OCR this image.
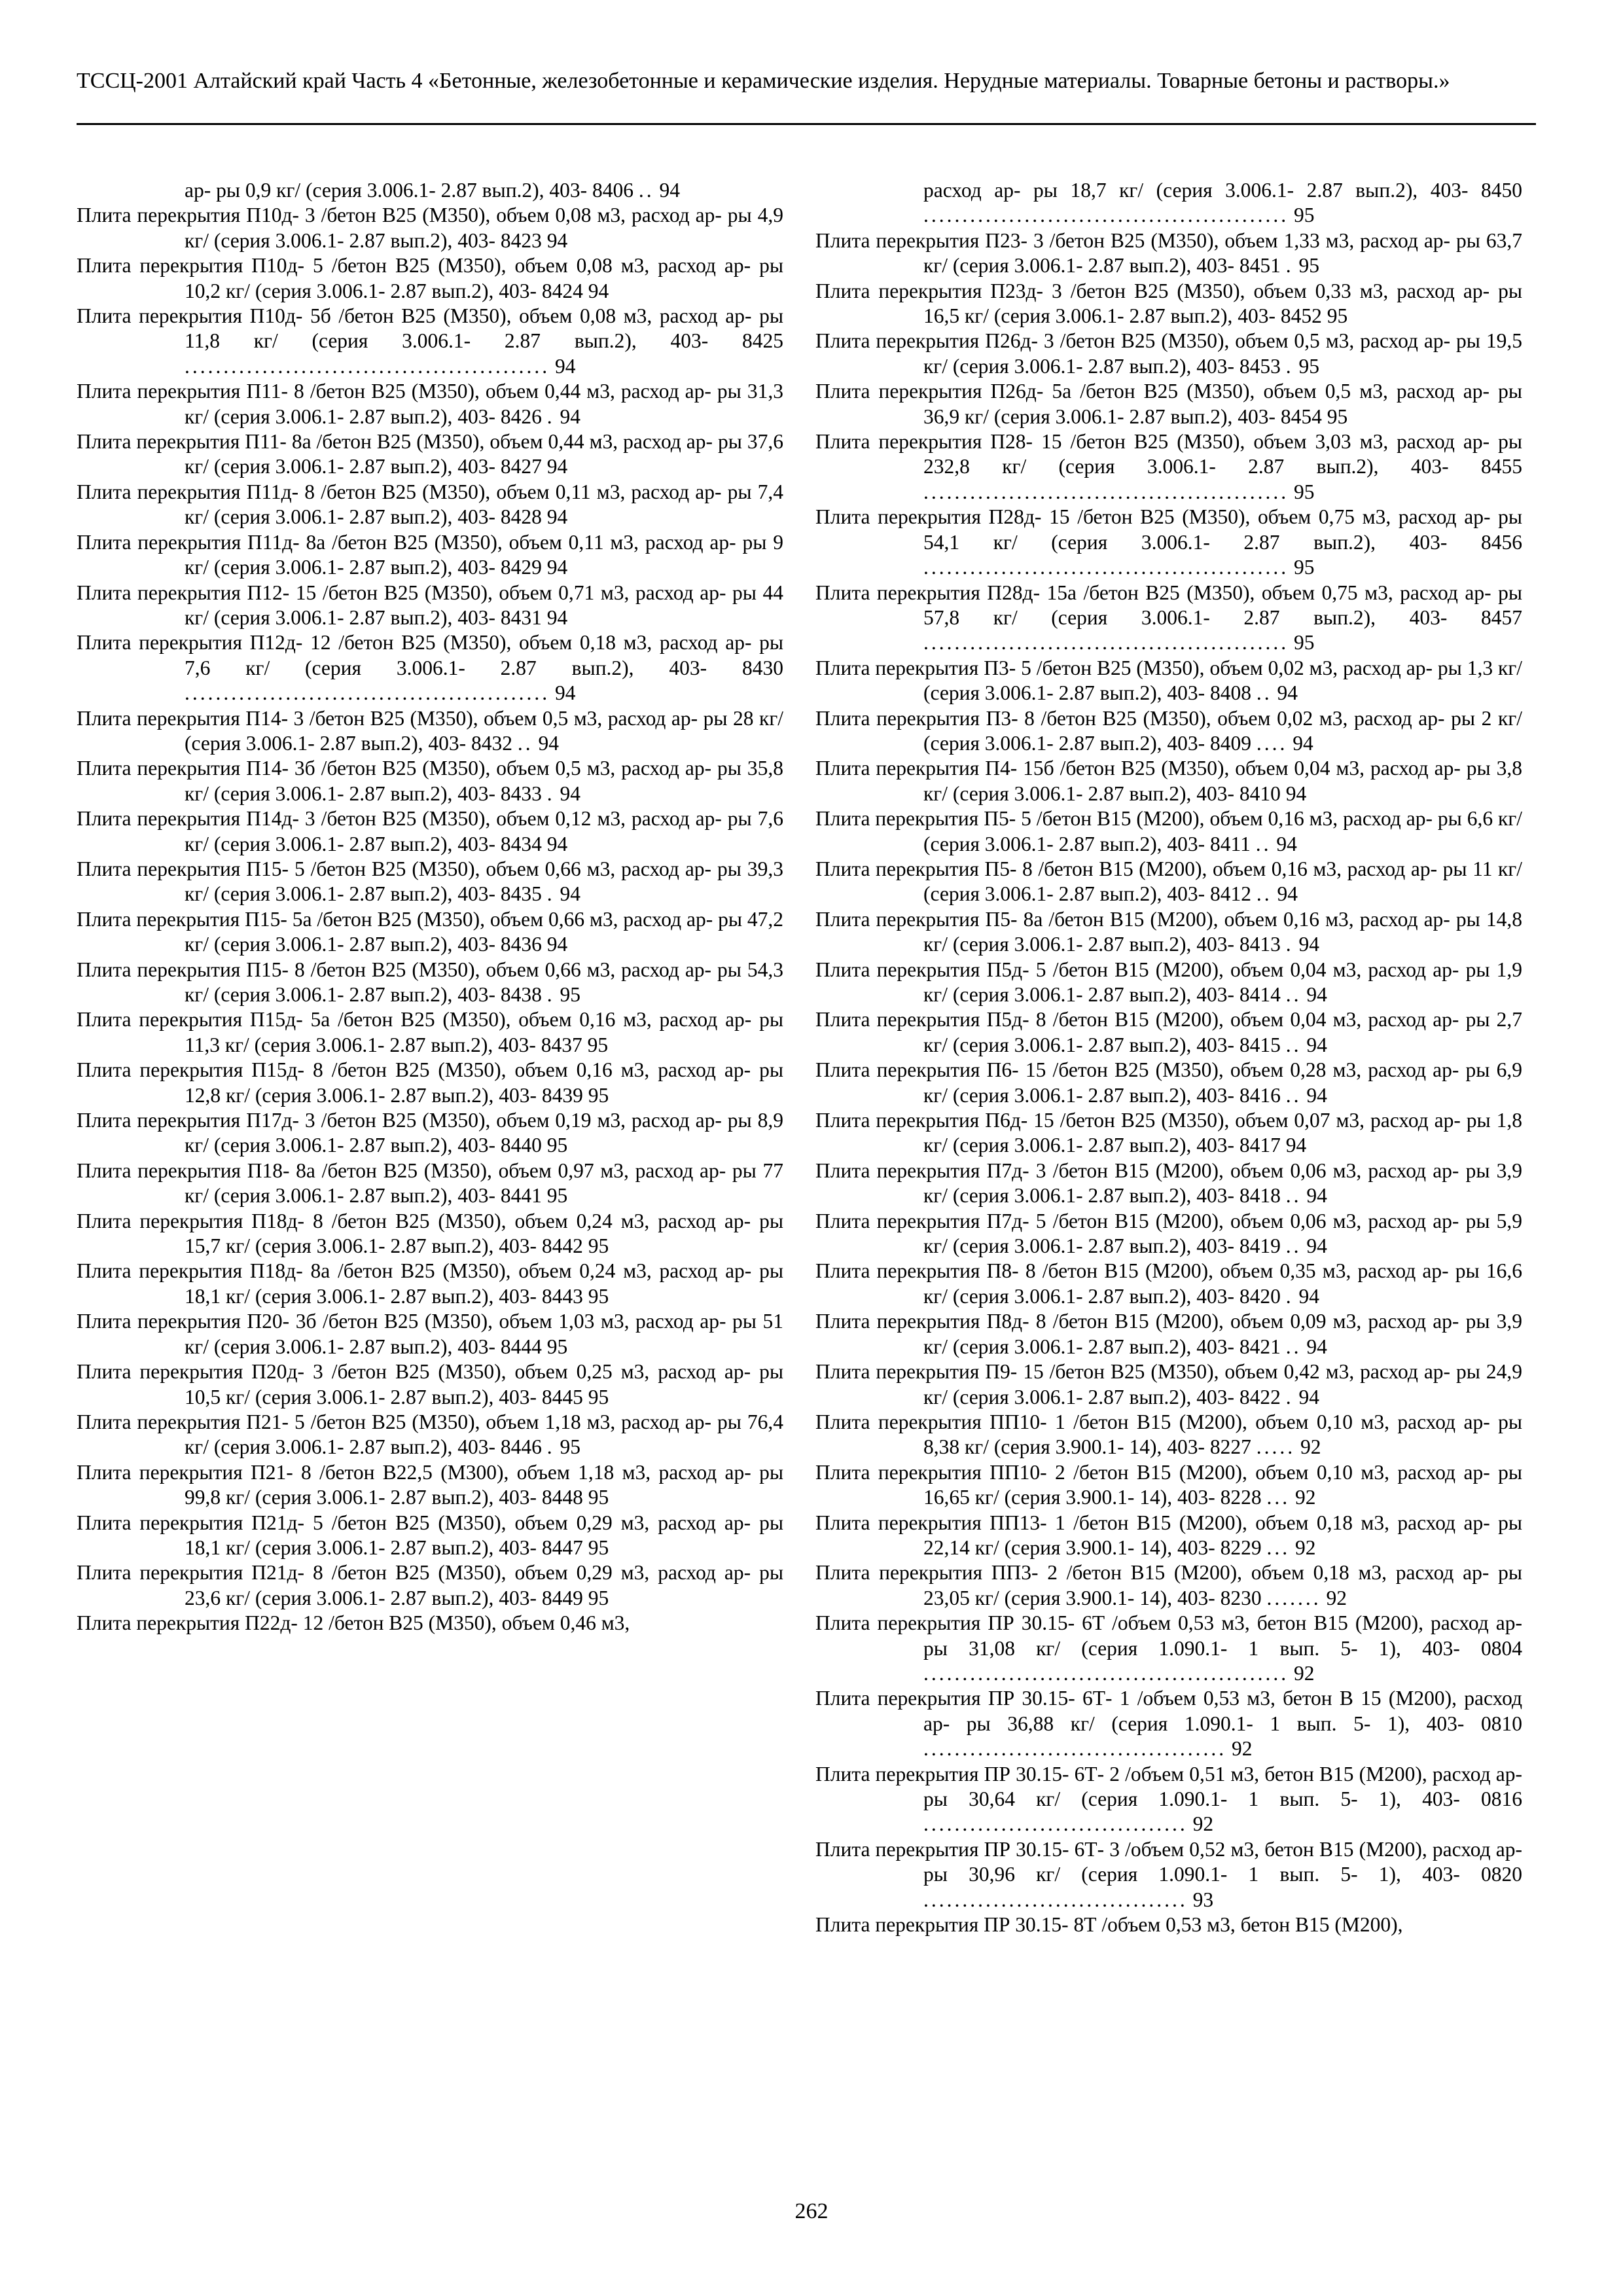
ТССЦ-2001 Алтайский край Часть 4 «Бетонные, железобетонные и керамические изделия. Нерудные материалы. Товарные бетоны и растворы.»
ар- ры 0,9 кг/ (серия 3.006.1- 2.87 вып.2), 403- 8406 .. 94
Плита перекрытия П10д- 3 /бетон В25 (М350), объем 0,08 м3, расход ар- ры 4,9 кг/ (серия 3.006.1- 2.87 вып.2), 403- 8423 94
Плита перекрытия П10д- 5 /бетон В25 (М350), объем 0,08 м3, расход ар- ры 10,2 кг/ (серия 3.006.1- 2.87 вып.2), 403- 8424 94
Плита перекрытия П10д- 5б /бетон В25 (М350), объем 0,08 м3, расход ар- ры 11,8 кг/ (серия 3.006.1- 2.87 вып.2), 403- 8425 ............................................... 94
Плита перекрытия П11- 8 /бетон В25 (М350), объем 0,44 м3, расход ар- ры 31,3 кг/ (серия 3.006.1- 2.87 вып.2), 403- 8426 . 94
Плита перекрытия П11- 8а /бетон В25 (М350), объем 0,44 м3, расход ар- ры 37,6 кг/ (серия 3.006.1- 2.87 вып.2), 403- 8427 94
Плита перекрытия П11д- 8 /бетон В25 (М350), объем 0,11 м3, расход ар- ры 7,4 кг/ (серия 3.006.1- 2.87 вып.2), 403- 8428 94
Плита перекрытия П11д- 8а /бетон В25 (М350), объем 0,11 м3, расход ар- ры 9 кг/ (серия 3.006.1- 2.87 вып.2), 403- 8429 94
Плита перекрытия П12- 15 /бетон В25 (М350), объем 0,71 м3, расход ар- ры 44 кг/ (серия 3.006.1- 2.87 вып.2), 403- 8431 94
Плита перекрытия П12д- 12 /бетон В25 (М350), объем 0,18 м3, расход ар- ры 7,6 кг/ (серия 3.006.1- 2.87 вып.2), 403- 8430 ............................................... 94
Плита перекрытия П14- 3 /бетон В25 (М350), объем 0,5 м3, расход ар- ры 28 кг/ (серия 3.006.1- 2.87 вып.2), 403- 8432 .. 94
Плита перекрытия П14- 3б /бетон В25 (М350), объем 0,5 м3, расход ар- ры 35,8 кг/ (серия 3.006.1- 2.87 вып.2), 403- 8433 . 94
Плита перекрытия П14д- 3 /бетон В25 (М350), объем 0,12 м3, расход ар- ры 7,6 кг/ (серия 3.006.1- 2.87 вып.2), 403- 8434 94
Плита перекрытия П15- 5 /бетон В25 (М350), объем 0,66 м3, расход ар- ры 39,3 кг/ (серия 3.006.1- 2.87 вып.2), 403- 8435 . 94
Плита перекрытия П15- 5а /бетон В25 (М350), объем 0,66 м3, расход ар- ры 47,2 кг/ (серия 3.006.1- 2.87 вып.2), 403- 8436 94
Плита перекрытия П15- 8 /бетон В25 (М350), объем 0,66 м3, расход ар- ры 54,3 кг/ (серия 3.006.1- 2.87 вып.2), 403- 8438 . 95
Плита перекрытия П15д- 5а /бетон В25 (М350), объем 0,16 м3, расход ар- ры 11,3 кг/ (серия 3.006.1- 2.87 вып.2), 403- 8437 95
Плита перекрытия П15д- 8 /бетон В25 (М350), объем 0,16 м3, расход ар- ры 12,8 кг/ (серия 3.006.1- 2.87 вып.2), 403- 8439 95
Плита перекрытия П17д- 3 /бетон В25 (М350), объем 0,19 м3, расход ар- ры 8,9 кг/ (серия 3.006.1- 2.87 вып.2), 403- 8440 95
Плита перекрытия П18- 8а /бетон В25 (М350), объем 0,97 м3, расход ар- ры 77 кг/ (серия 3.006.1- 2.87 вып.2), 403- 8441 95
Плита перекрытия П18д- 8 /бетон В25 (М350), объем 0,24 м3, расход ар- ры 15,7 кг/ (серия 3.006.1- 2.87 вып.2), 403- 8442 95
Плита перекрытия П18д- 8а /бетон В25 (М350), объем 0,24 м3, расход ар- ры 18,1 кг/ (серия 3.006.1- 2.87 вып.2), 403- 8443 95
Плита перекрытия П20- 3б /бетон В25 (М350), объем 1,03 м3, расход ар- ры 51 кг/ (серия 3.006.1- 2.87 вып.2), 403- 8444 95
Плита перекрытия П20д- 3 /бетон В25 (М350), объем 0,25 м3, расход ар- ры 10,5 кг/ (серия 3.006.1- 2.87 вып.2), 403- 8445 95
Плита перекрытия П21- 5 /бетон В25 (М350), объем 1,18 м3, расход ар- ры 76,4 кг/ (серия 3.006.1- 2.87 вып.2), 403- 8446 . 95
Плита перекрытия П21- 8 /бетон В22,5 (М300), объем 1,18 м3, расход ар- ры 99,8 кг/ (серия 3.006.1- 2.87 вып.2), 403- 8448 95
Плита перекрытия П21д- 5 /бетон В25 (М350), объем 0,29 м3, расход ар- ры 18,1 кг/ (серия 3.006.1- 2.87 вып.2), 403- 8447 95
Плита перекрытия П21д- 8 /бетон В25 (М350), объем 0,29 м3, расход ар- ры 23,6 кг/ (серия 3.006.1- 2.87 вып.2), 403- 8449 95
Плита перекрытия П22д- 12 /бетон В25 (М350), объем 0,46 м3,
расход ар- ры 18,7 кг/ (серия 3.006.1- 2.87 вып.2), 403- 8450 ............................................... 95
Плита перекрытия П23- 3 /бетон В25 (М350), объем 1,33 м3, расход ар- ры 63,7 кг/ (серия 3.006.1- 2.87 вып.2), 403- 8451 . 95
Плита перекрытия П23д- 3 /бетон В25 (М350), объем 0,33 м3, расход ар- ры 16,5 кг/ (серия 3.006.1- 2.87 вып.2), 403- 8452 95
Плита перекрытия П26д- 3 /бетон В25 (М350), объем 0,5 м3, расход ар- ры 19,5 кг/ (серия 3.006.1- 2.87 вып.2), 403- 8453 . 95
Плита перекрытия П26д- 5а /бетон В25 (М350), объем 0,5 м3, расход ар- ры 36,9 кг/ (серия 3.006.1- 2.87 вып.2), 403- 8454 95
Плита перекрытия П28- 15 /бетон В25 (М350), объем 3,03 м3, расход ар- ры 232,8 кг/ (серия 3.006.1- 2.87 вып.2), 403- 8455 ............................................... 95
Плита перекрытия П28д- 15 /бетон В25 (М350), объем 0,75 м3, расход ар- ры 54,1 кг/ (серия 3.006.1- 2.87 вып.2), 403- 8456 ............................................... 95
Плита перекрытия П28д- 15а /бетон В25 (М350), объем 0,75 м3, расход ар- ры 57,8 кг/ (серия 3.006.1- 2.87 вып.2), 403- 8457 ............................................... 95
Плита перекрытия П3- 5 /бетон В25 (М350), объем 0,02 м3, расход ар- ры 1,3 кг/ (серия 3.006.1- 2.87 вып.2), 403- 8408 .. 94
Плита перекрытия П3- 8 /бетон В25 (М350), объем 0,02 м3, расход ар- ры 2 кг/ (серия 3.006.1- 2.87 вып.2), 403- 8409 .... 94
Плита перекрытия П4- 15б /бетон В25 (М350), объем 0,04 м3, расход ар- ры 3,8 кг/ (серия 3.006.1- 2.87 вып.2), 403- 8410 94
Плита перекрытия П5- 5 /бетон В15 (М200), объем 0,16 м3, расход ар- ры 6,6 кг/ (серия 3.006.1- 2.87 вып.2), 403- 8411 .. 94
Плита перекрытия П5- 8 /бетон В15 (М200), объем 0,16 м3, расход ар- ры 11 кг/ (серия 3.006.1- 2.87 вып.2), 403- 8412 .. 94
Плита перекрытия П5- 8а /бетон В15 (М200), объем 0,16 м3, расход ар- ры 14,8 кг/ (серия 3.006.1- 2.87 вып.2), 403- 8413 . 94
Плита перекрытия П5д- 5 /бетон В15 (М200), объем 0,04 м3, расход ар- ры 1,9 кг/ (серия 3.006.1- 2.87 вып.2), 403- 8414 .. 94
Плита перекрытия П5д- 8 /бетон В15 (М200), объем 0,04 м3, расход ар- ры 2,7 кг/ (серия 3.006.1- 2.87 вып.2), 403- 8415 .. 94
Плита перекрытия П6- 15 /бетон В25 (М350), объем 0,28 м3, расход ар- ры 6,9 кг/ (серия 3.006.1- 2.87 вып.2), 403- 8416 .. 94
Плита перекрытия П6д- 15 /бетон В25 (М350), объем 0,07 м3, расход ар- ры 1,8 кг/ (серия 3.006.1- 2.87 вып.2), 403- 8417 94
Плита перекрытия П7д- 3 /бетон В15 (М200), объем 0,06 м3, расход ар- ры 3,9 кг/ (серия 3.006.1- 2.87 вып.2), 403- 8418 .. 94
Плита перекрытия П7д- 5 /бетон В15 (М200), объем 0,06 м3, расход ар- ры 5,9 кг/ (серия 3.006.1- 2.87 вып.2), 403- 8419 .. 94
Плита перекрытия П8- 8 /бетон В15 (М200), объем 0,35 м3, расход ар- ры 16,6 кг/ (серия 3.006.1- 2.87 вып.2), 403- 8420 . 94
Плита перекрытия П8д- 8 /бетон В15 (М200), объем 0,09 м3, расход ар- ры 3,9 кг/ (серия 3.006.1- 2.87 вып.2), 403- 8421 .. 94
Плита перекрытия П9- 15 /бетон В25 (М350), объем 0,42 м3, расход ар- ры 24,9 кг/ (серия 3.006.1- 2.87 вып.2), 403- 8422 . 94
Плита перекрытия ПП10- 1 /бетон В15 (М200), объем 0,10 м3, расход ар- ры 8,38 кг/ (серия 3.900.1- 14), 403- 8227 ..... 92
Плита перекрытия ПП10- 2 /бетон В15 (М200), объем 0,10 м3, расход ар- ры 16,65 кг/ (серия 3.900.1- 14), 403- 8228 ... 92
Плита перекрытия ПП13- 1 /бетон В15 (М200), объем 0,18 м3, расход ар- ры 22,14 кг/ (серия 3.900.1- 14), 403- 8229 ... 92
Плита перекрытия ПП3- 2 /бетон В15 (М200), объем 0,18 м3, расход ар- ры 23,05 кг/ (серия 3.900.1- 14), 403- 8230 ....... 92
Плита перекрытия ПР 30.15- 6Т /объем 0,53 м3, бетон В15 (М200), расход ар- ры 31,08 кг/ (серия 1.090.1- 1 вып. 5- 1), 403- 0804 ............................................... 92
Плита перекрытия ПР 30.15- 6Т- 1 /объем 0,53 м3, бетон В 15 (М200), расход ар- ры 36,88 кг/ (серия 1.090.1- 1 вып. 5- 1), 403- 0810 ....................................... 92
Плита перекрытия ПР 30.15- 6Т- 2 /объем 0,51 м3, бетон В15 (М200), расход ар- ры 30,64 кг/ (серия 1.090.1- 1 вып. 5- 1), 403- 0816 .................................. 92
Плита перекрытия ПР 30.15- 6Т- 3 /объем 0,52 м3, бетон В15 (М200), расход ар- ры 30,96 кг/ (серия 1.090.1- 1 вып. 5- 1), 403- 0820 .................................. 93
Плита перекрытия ПР 30.15- 8Т /объем 0,53 м3, бетон В15 (М200),
262
